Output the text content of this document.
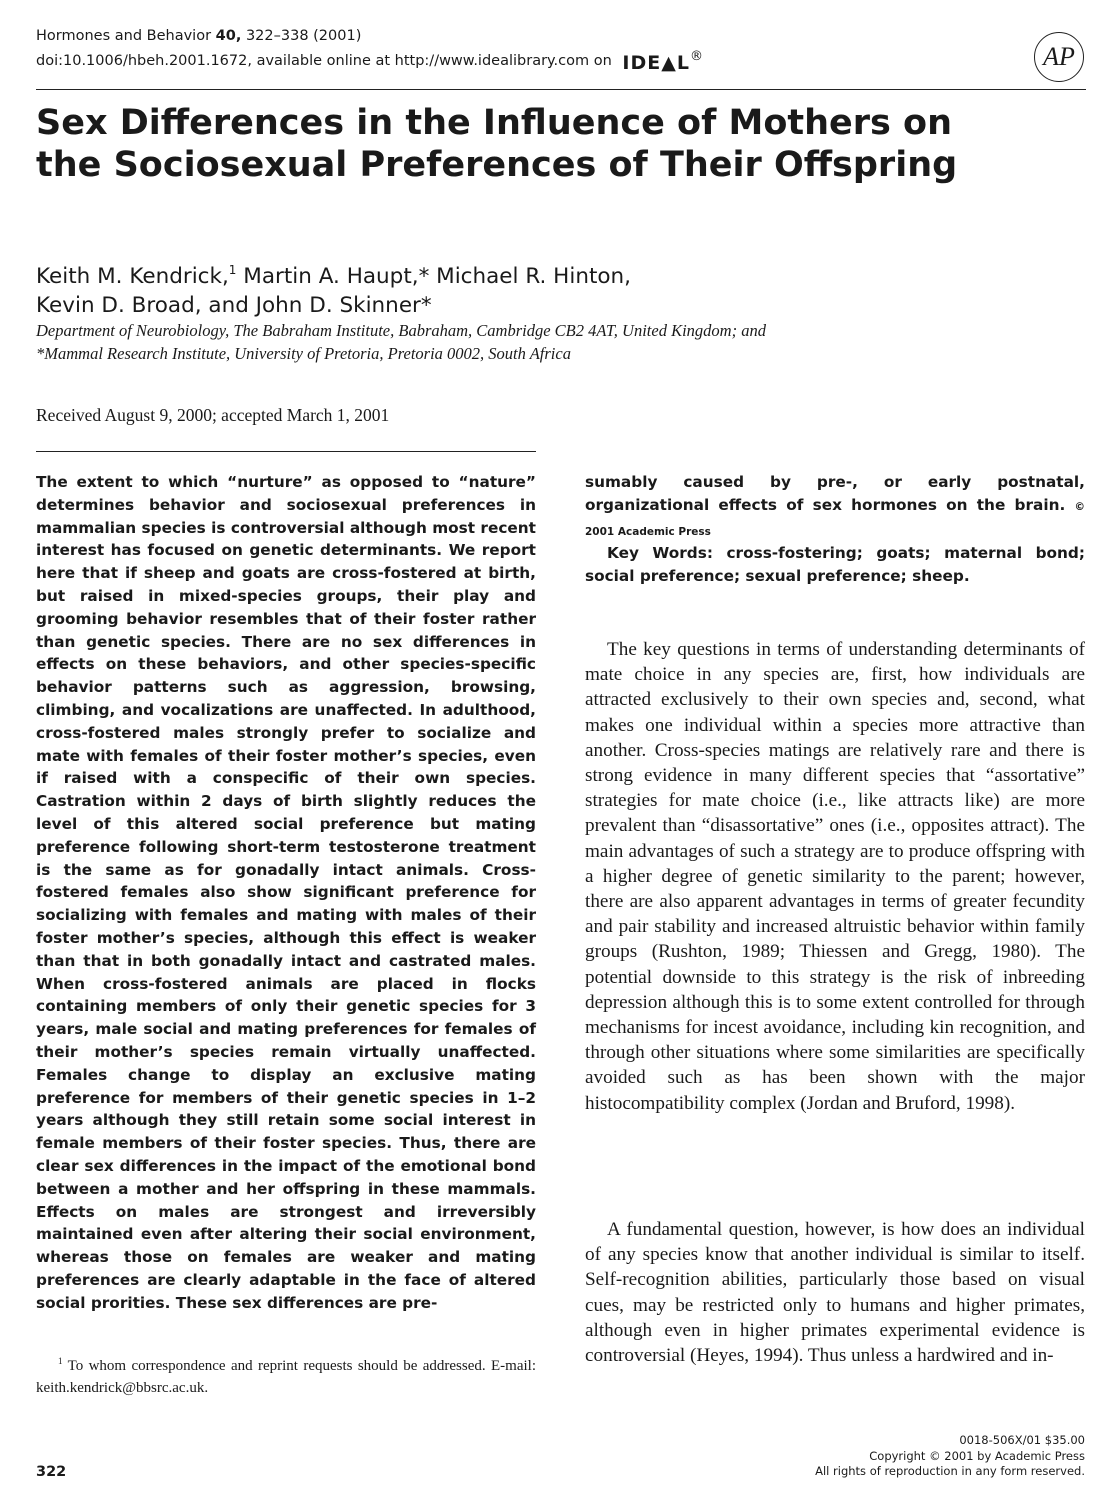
Hormones and Behavior 40, 322–338 (2001)
doi:10.1006/hbeh.2001.1672, available online at http://www.idealibrary.com on IDE▲L®	AP
Sex Differences in the Influence of Mothers on the Sociosexual Preferences of Their Offspring
Keith M. Kendrick,$^1$ Martin A. Haupt,* Michael R. Hinton,
Kevin D. Broad, and John D. Skinner*
Department of Neurobiology, The Babraham Institute, Babraham, Cambridge CB2 4AT, United Kingdom; and *Mammal Research Institute, University of Pretoria, Pretoria 0002, South Africa
Received August 9, 2000; accepted March 1, 2001
The extent to which “nurture” as opposed to “nature” determines behavior and sociosexual preferences in mammalian species is controversial although most recent interest has focused on genetic determinants. We report here that if sheep and goats are cross-fostered at birth, but raised in mixed-species groups, their play and grooming behavior resembles that of their foster rather than genetic species. There are no sex differences in effects on these behaviors, and other species-specific behavior patterns such as aggression, browsing, climbing, and vocalizations are unaffected. In adulthood, cross-fostered males strongly prefer to socialize and mate with females of their foster mother’s species, even if raised with a conspecific of their own species. Castration within 2 days of birth slightly reduces the level of this altered social preference but mating preference following short-term testosterone treatment is the same as for gonadally intact animals. Cross-fostered females also show significant preference for socializing with females and mating with males of their foster mother’s species, although this effect is weaker than that in both gonadally intact and castrated males. When cross-fostered animals are placed in flocks containing members of only their genetic species for 3 years, male social and mating preferences for females of their mother’s species remain virtually unaffected. Females change to display an exclusive mating preference for members of their genetic species in 1–2 years although they still retain some social interest in female members of their foster species. Thus, there are clear sex differences in the impact of the emotional bond between a mother and her offspring in these mammals. Effects on males are strongest and irreversibly maintained even after altering their social environment, whereas those on females are weaker and mating preferences are clearly adaptable in the face of altered social prorities. These sex differences are pre-
sumably caused by pre-, or early postnatal, organizational effects of sex hormones on the brain. © 2001 Academic Press
Key Words: cross-fostering; goats; maternal bond; social preference; sexual preference; sheep.
$^1$ To whom correspondence and reprint requests should be addressed. E-mail: keith.kendrick@bbsrc.ac.uk.
The key questions in terms of understanding determinants of mate choice in any species are, first, how individuals are attracted exclusively to their own species and, second, what makes one individual within a species more attractive than another. Cross-species matings are relatively rare and there is strong evidence in many different species that “assortative” strategies for mate choice (i.e., like attracts like) are more prevalent than “disassortative” ones (i.e., opposites attract). The main advantages of such a strategy are to produce offspring with a higher degree of genetic similarity to the parent; however, there are also apparent advantages in terms of greater fecundity and pair stability and increased altruistic behavior within family groups (Rushton, 1989; Thiessen and Gregg, 1980). The potential downside to this strategy is the risk of inbreeding depression although this is to some extent controlled for through mechanisms for incest avoidance, including kin recognition, and through other situations where some similarities are specifically avoided such as has been shown with the major histocompatibility complex (Jordan and Bruford, 1998).
A fundamental question, however, is how does an individual of any species know that another individual is similar to itself. Self-recognition abilities, particularly those based on visual cues, may be restricted only to humans and higher primates, although even in higher primates experimental evidence is controversial (Heyes, 1994). Thus unless a hardwired and in-
0018-506X/01 $35.00
Copyright © 2001 by Academic Press
All rights of reproduction in any form reserved.
322
